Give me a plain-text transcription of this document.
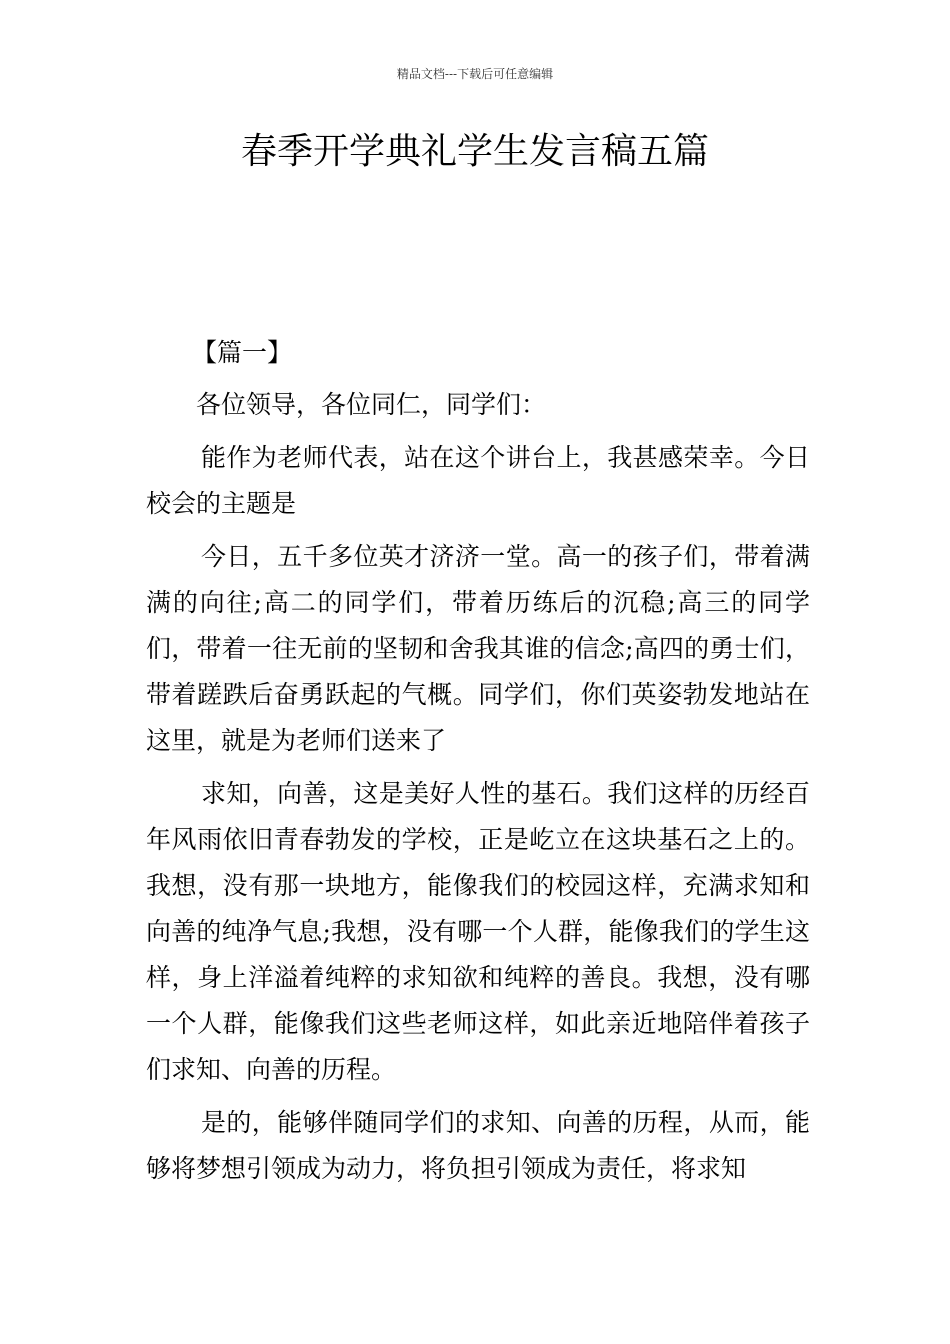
精品文档---下载后可任意编辑
春季开学典礼学生发言稿五篇

【篇一】

各位领导，各位同仁，同学们：

能作为老师代表，站在这个讲台上，我甚感荣幸。今日校会的主题是

今日，五千多位英才济济一堂。高一的孩子们，带着满满的向往;高二的同学们，带着历练后的沉稳;高三的同学们，带着一往无前的坚韧和舍我其谁的信念;高四的勇士们，带着蹉跌后奋勇跃起的气概。同学们，你们英姿勃发地站在这里，就是为老师们送来了

求知，向善，这是美好人性的基石。我们这样的历经百年风雨依旧青春勃发的学校，正是屹立在这块基石之上的。我想，没有那一块地方，能像我们的校园这样，充满求知和向善的纯净气息;我想，没有哪一个人群，能像我们的学生这样，身上洋溢着纯粹的求知欲和纯粹的善良。我想，没有哪一个人群，能像我们这些老师这样，如此亲近地陪伴着孩子们求知、向善的历程。

是的，能够伴随同学们的求知、向善的历程，从而，能够将梦想引领成为动力，将负担引领成为责任，将求知
